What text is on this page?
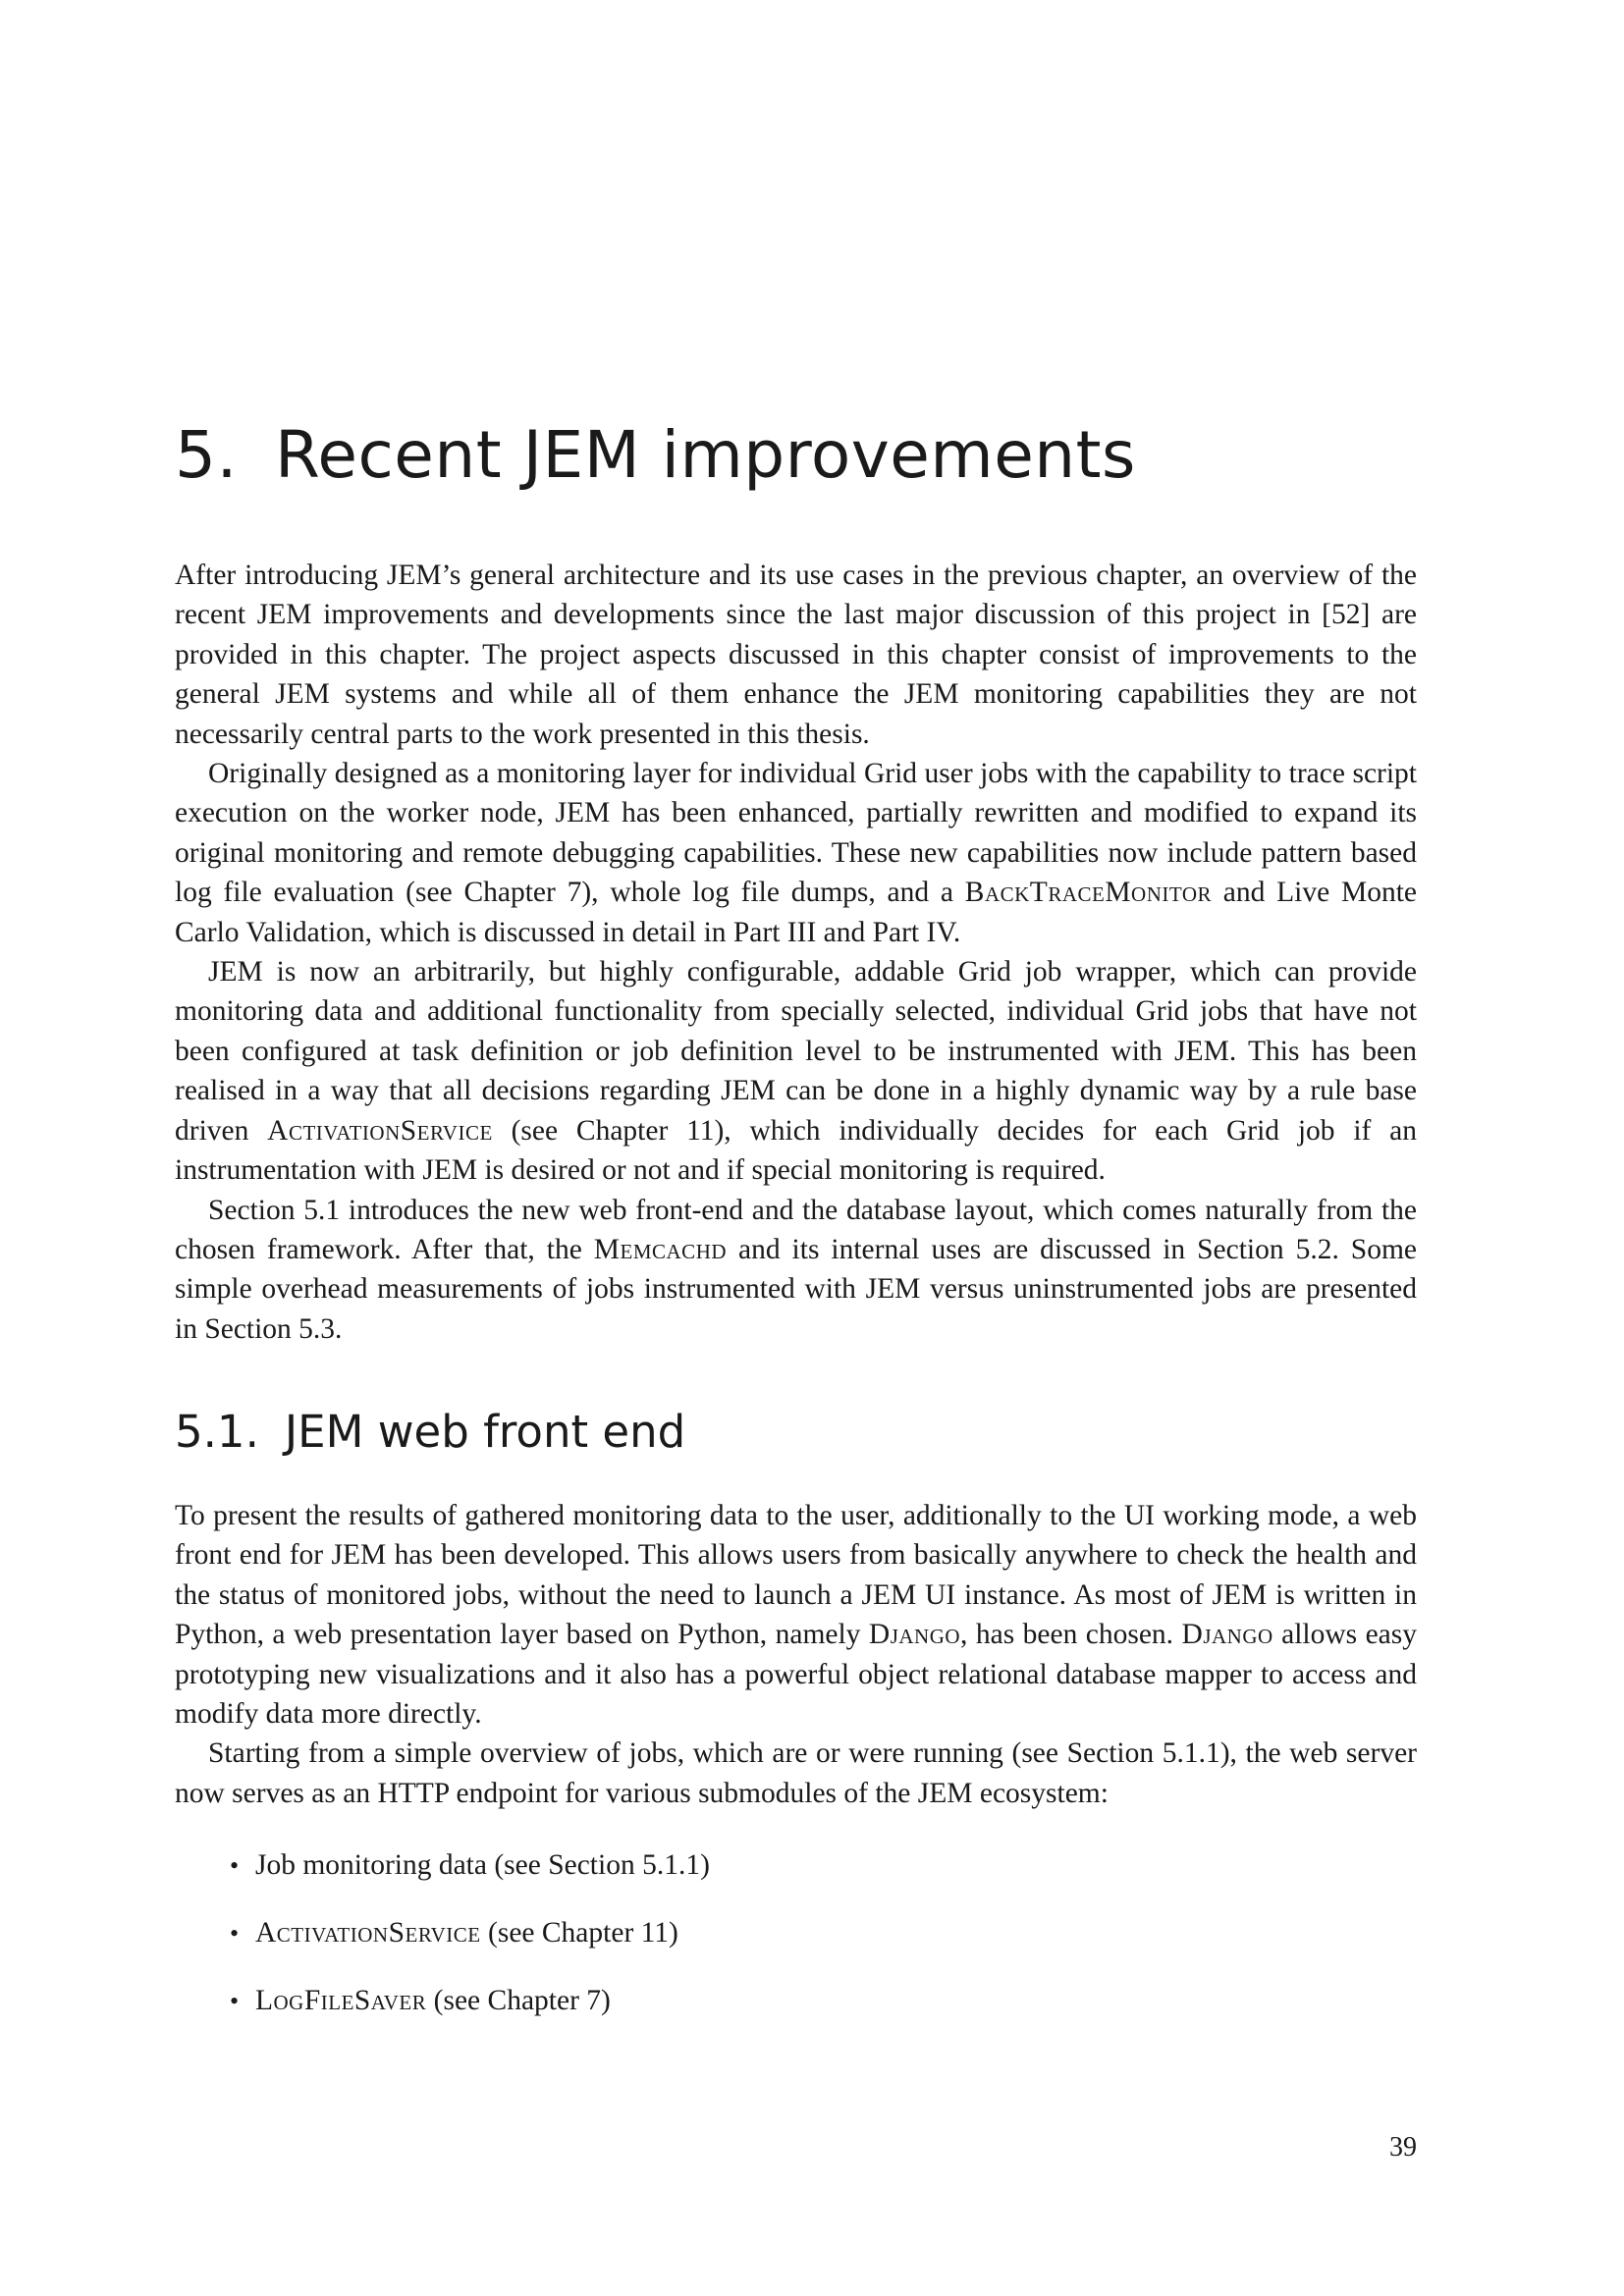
5. Recent JEM improvements

After introducing JEM’s general architecture and its use cases in the previous chapter, an overview of the recent JEM improvements and developments since the last major discussion of this project in [52] are provided in this chapter. The project aspects discussed in this chapter consist of improvements to the general JEM systems and while all of them enhance the JEM monitoring capabilities they are not necessarily central parts to the work presented in this thesis.

Originally designed as a monitoring layer for individual Grid user jobs with the capability to trace script execution on the worker node, JEM has been enhanced, partially rewritten and modified to expand its original monitoring and remote debugging capabilities. These new capabilities now include pattern based log file evaluation (see Chapter 7), whole log file dumps, and a BackTraceMonitor and Live Monte Carlo Validation, which is discussed in detail in Part III and Part IV.

JEM is now an arbitrarily, but highly configurable, addable Grid job wrapper, which can provide monitoring data and additional functionality from specially selected, individual Grid jobs that have not been configured at task definition or job definition level to be instrumented with JEM. This has been realised in a way that all decisions regarding JEM can be done in a highly dynamic way by a rule base driven ActivationService (see Chapter 11), which individually decides for each Grid job if an instrumentation with JEM is desired or not and if special monitoring is required.

Section 5.1 introduces the new web front-end and the database layout, which comes naturally from the chosen framework. After that, the Memcachd and its internal uses are discussed in Section 5.2. Some simple overhead measurements of jobs instrumented with JEM versus uninstrumented jobs are presented in Section 5.3.

5.1. JEM web front end

To present the results of gathered monitoring data to the user, additionally to the UI working mode, a web front end for JEM has been developed. This allows users from basically anywhere to check the health and the status of monitored jobs, without the need to launch a JEM UI instance. As most of JEM is written in Python, a web presentation layer based on Python, namely Django, has been chosen. Django allows easy prototyping new visualizations and it also has a powerful object relational database mapper to access and modify data more directly.

Starting from a simple overview of jobs, which are or were running (see Section 5.1.1), the web server now serves as an HTTP endpoint for various submodules of the JEM ecosystem:

• Job monitoring data (see Section 5.1.1)
• ActivationService (see Chapter 11)
• LogFileSaver (see Chapter 7)
39
